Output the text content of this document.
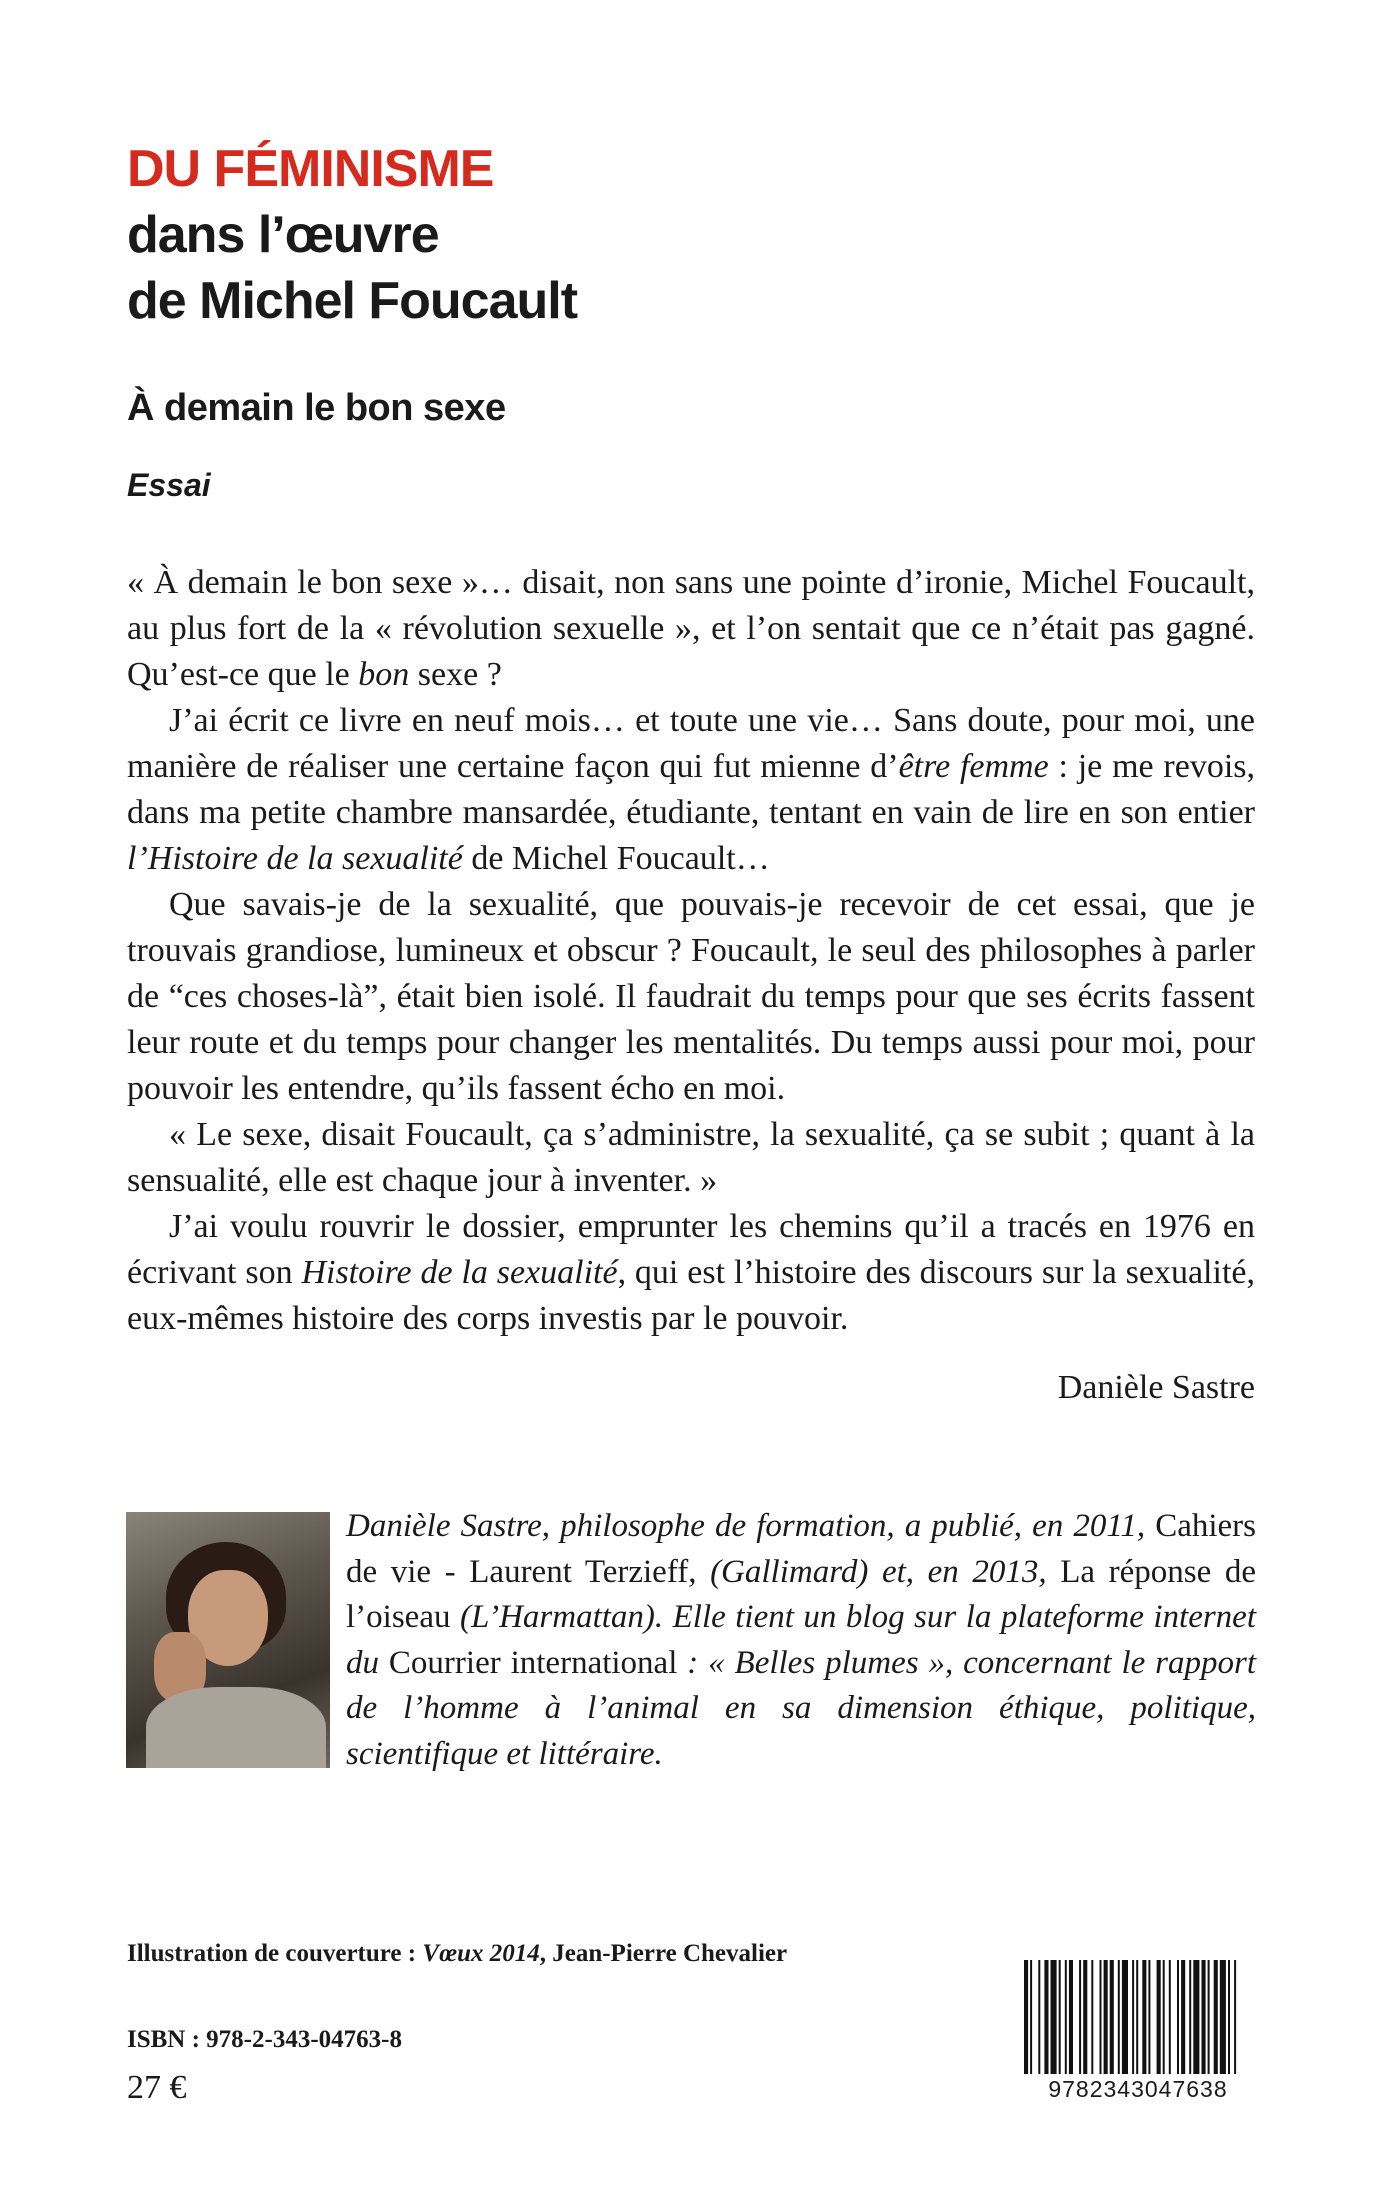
DU FÉMINISME
dans l’œuvre
de Michel Foucault
À demain le bon sexe
Essai

« À demain le bon sexe »… disait, non sans une pointe d’ironie, Michel Foucault, au plus fort de la « révolution sexuelle », et l’on sentait que ce n’était pas gagné. Qu’est-ce que le bon sexe ?

J’ai écrit ce livre en neuf mois… et toute une vie… Sans doute, pour moi, une manière de réaliser une certaine façon qui fut mienne d’être femme : je me revois, dans ma petite chambre mansardée, étudiante, tentant en vain de lire en son entier l’Histoire de la sexualité de Michel Foucault…

Que savais-je de la sexualité, que pouvais-je recevoir de cet essai, que je trouvais grandiose, lumineux et obscur ? Foucault, le seul des philosophes à parler de “ces choses-là”, était bien isolé. Il faudrait du temps pour que ses écrits fassent leur route et du temps pour changer les mentalités. Du temps aussi pour moi, pour pouvoir les entendre, qu’ils fassent écho en moi.

« Le sexe, disait Foucault, ça s’administre, la sexualité, ça se subit ; quant à la sensualité, elle est chaque jour à inventer. »

J’ai voulu rouvrir le dossier, emprunter les chemins qu’il a tracés en 1976 en écrivant son Histoire de la sexualité, qui est l’histoire des discours sur la sexualité, eux-mêmes histoire des corps investis par le pouvoir.

Danièle Sastre
Danièle Sastre, philosophe de formation, a publié, en 2011, Cahiers de vie - Laurent Terzieff, (Gallimard) et, en 2013, La réponse de l’oiseau (L’Harmattan). Elle tient un blog sur la plateforme internet du Courrier international : « Belles plumes », concernant le rapport de l’homme à l’animal en sa dimension éthique, politique, scientifique et littéraire.
Illustration de couverture : Vœux 2014, Jean-Pierre Chevalier
ISBN : 978-2-343-04763-8
27 €	9782343047638
